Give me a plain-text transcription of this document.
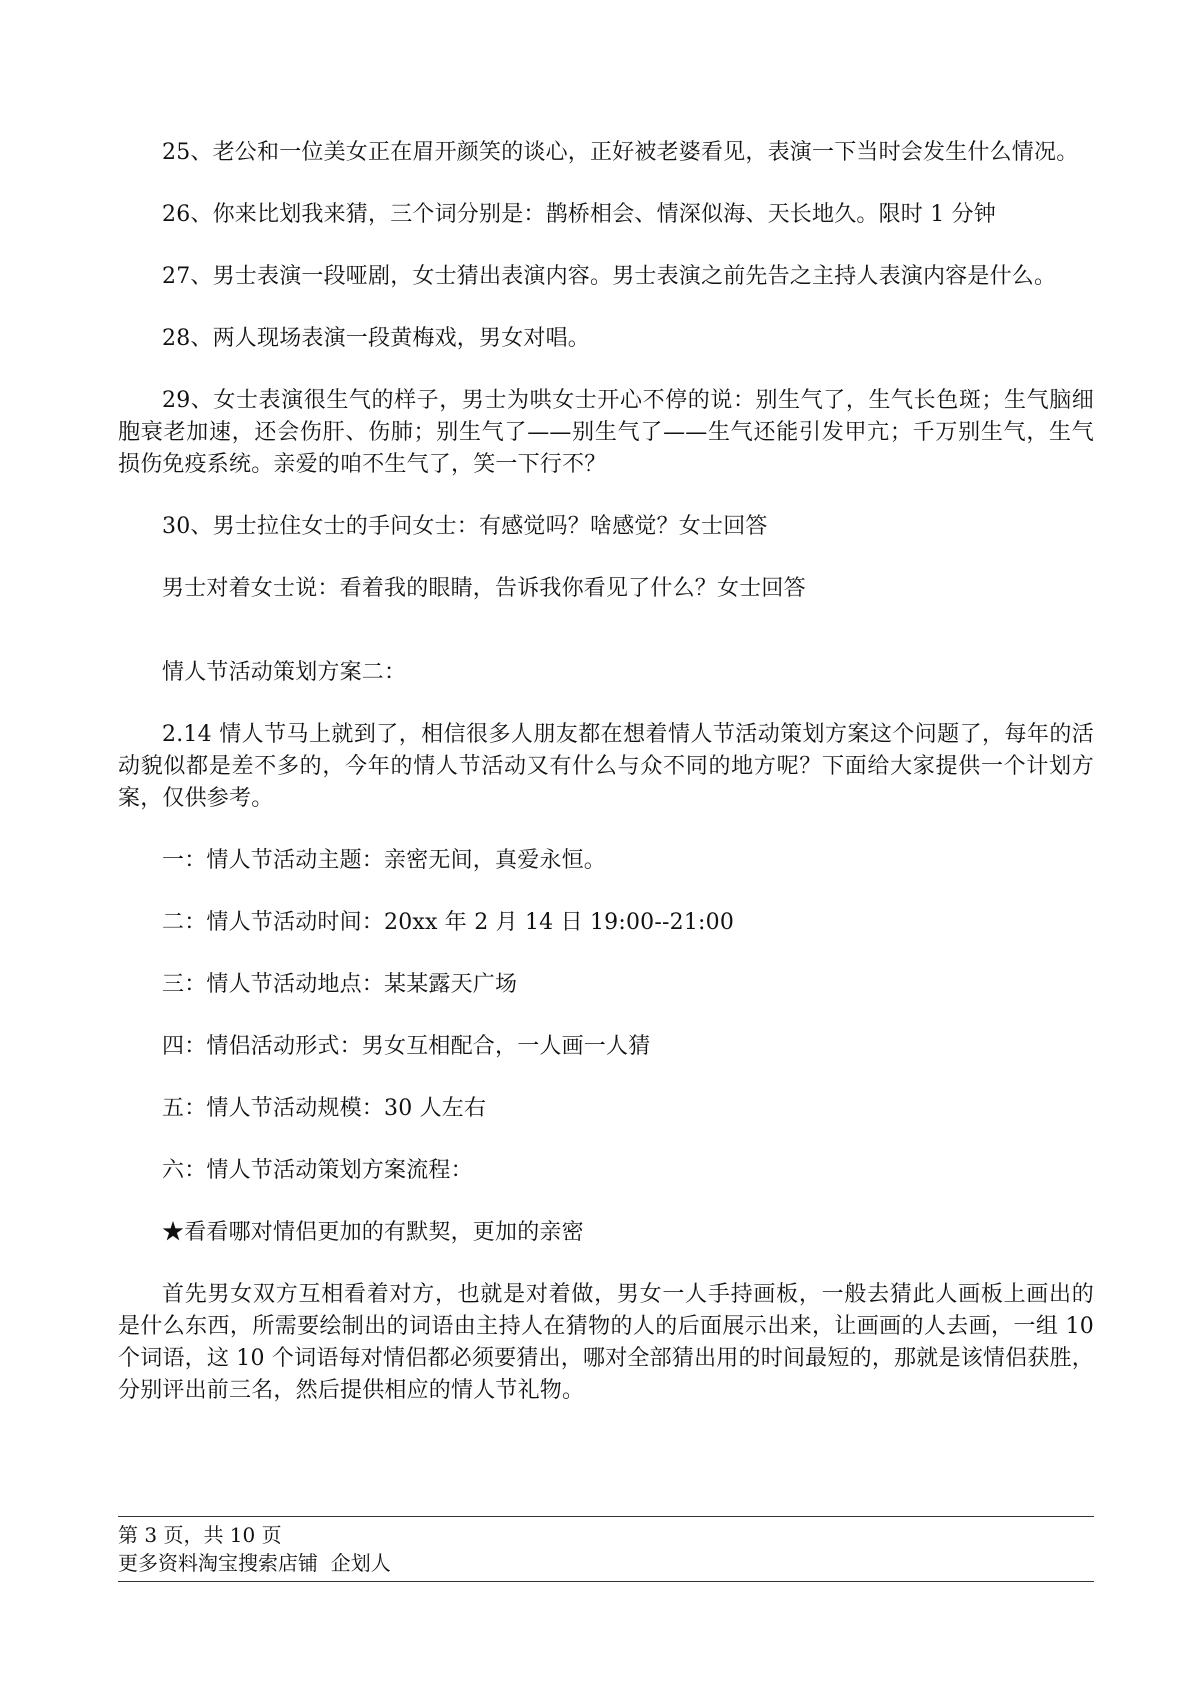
25、老公和一位美女正在眉开颜笑的谈心，正好被老婆看见，表演一下当时会发生什么情况。

26、你来比划我来猜，三个词分别是：鹊桥相会、情深似海、天长地久。限时 1 分钟

27、男士表演一段哑剧，女士猜出表演内容。男士表演之前先告之主持人表演内容是什么。

28、两人现场表演一段黄梅戏，男女对唱。

29、女士表演很生气的样子，男士为哄女士开心不停的说：别生气了，生气长色斑；生气脑细胞衰老加速，还会伤肝、伤肺；别生气了——别生气了——生气还能引发甲亢；千万别生气，生气损伤免疫系统。亲爱的咱不生气了，笑一下行不？

30、男士拉住女士的手问女士：有感觉吗？啥感觉？女士回答

男士对着女士说：看着我的眼睛，告诉我你看见了什么？女士回答

情人节活动策划方案二：

2.14 情人节马上就到了，相信很多人朋友都在想着情人节活动策划方案这个问题了，每年的活动貌似都是差不多的，今年的情人节活动又有什么与众不同的地方呢？下面给大家提供一个计划方案，仅供参考。

一：情人节活动主题：亲密无间，真爱永恒。

二：情人节活动时间：20xx 年 2 月 14 日 19:00--21:00

三：情人节活动地点：某某露天广场

四：情侣活动形式：男女互相配合，一人画一人猜

五：情人节活动规模：30 人左右

六：情人节活动策划方案流程：

★看看哪对情侣更加的有默契，更加的亲密

首先男女双方互相看着对方，也就是对着做，男女一人手持画板，一般去猜此人画板上画出的是什么东西，所需要绘制出的词语由主持人在猜物的人的后面展示出来，让画画的人去画，一组 10 个词语，这 10 个词语每对情侣都必须要猜出，哪对全部猜出用的时间最短的，那就是该情侣获胜，分别评出前三名，然后提供相应的情人节礼物。

第 3 页，共 10 页
更多资料淘宝搜索店铺  企划人
